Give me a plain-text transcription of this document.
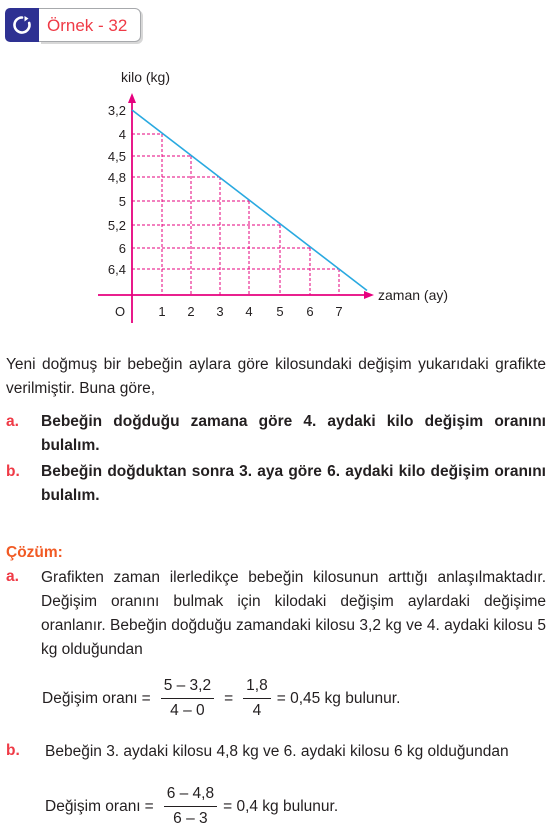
Örnek - 32
1 2 3 4 5 6 7
O
3,2
4
4,5
4,8
5
5,2
6
6,4
zaman (ay)
kilo (kg)
Yeni doğmuş bir bebeğin aylara göre kilosundaki değişim yukarıdaki grafikte verilmiştir. Buna göre,
a. Bebeğin doğduğu zamana göre 4. aydaki kilo değişim oranını bulalım.
b. Bebeğin doğduktan sonra 3. aya göre 6. aydaki kilo değişim oranını bulalım.
Çözüm:
a. Grafikten zaman ilerledikçe bebeğin kilosunun arttığı anlaşılmaktadır. Değişim oranını bulmak için kilodaki değişim aylardaki değişime oranlanır. Bebeğin doğduğu zamandaki kilosu 3,2 kg ve 4. aydaki kilosu 5 kg olduğundan
Değişim oranı = $\frac{5 - 3,2}{4 - 0} = \frac{1,8}{4} = 0,45$ kg bulunur.
b. Bebeğin 3. aydaki kilosu 4,8 kg ve 6. aydaki kilosu 6 kg olduğundan
Değişim oranı = $\frac{6 - 4,8}{6 - 3} = 0,4$ kg bulunur.
